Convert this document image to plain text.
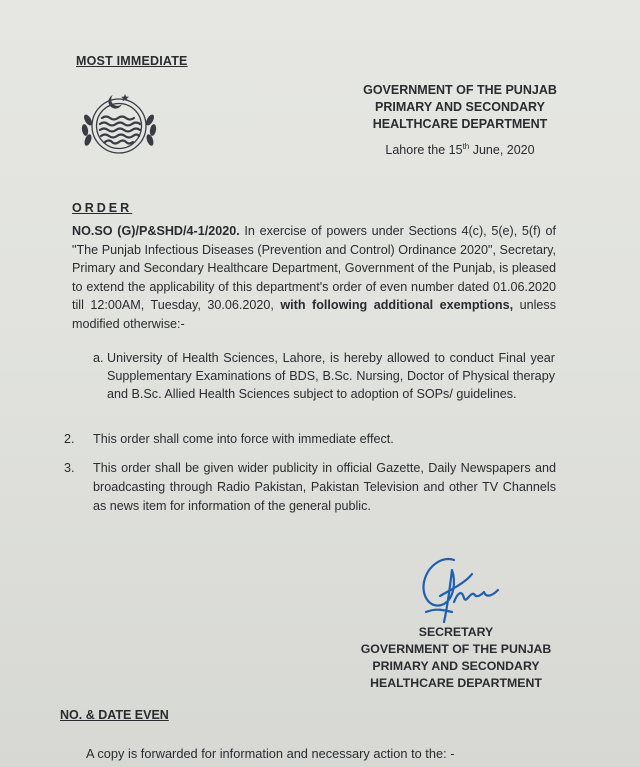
MOST IMMEDIATE
GOVERNMENT OF THE PUNJAB
PRIMARY AND SECONDARY
HEALTHCARE DEPARTMENT
Lahore the 15th June, 2020
ORDER
NO.SO (G)/P&SHD/4-1/2020. In exercise of powers under Sections 4(c), 5(e), 5(f) of "The Punjab Infectious Diseases (Prevention and Control) Ordinance 2020", Secretary, Primary and Secondary Healthcare Department, Government of the Punjab, is pleased to extend the applicability of this department's order of even number dated 01.06.2020 till 12:00AM, Tuesday, 30.06.2020, with following additional exemptions, unless modified otherwise:-
a. University of Health Sciences, Lahore, is hereby allowed to conduct Final year Supplementary Examinations of BDS, B.Sc. Nursing, Doctor of Physical therapy and B.Sc. Allied Health Sciences subject to adoption of SOPs/ guidelines.
2.	This order shall come into force with immediate effect.
3.	This order shall be given wider publicity in official Gazette, Daily Newspapers and broadcasting through Radio Pakistan, Pakistan Television and other TV Channels as news item for information of the general public.
SECRETARY
GOVERNMENT OF THE PUNJAB
PRIMARY AND SECONDARY
HEALTHCARE DEPARTMENT
NO. & DATE EVEN
A copy is forwarded for information and necessary action to the: -
